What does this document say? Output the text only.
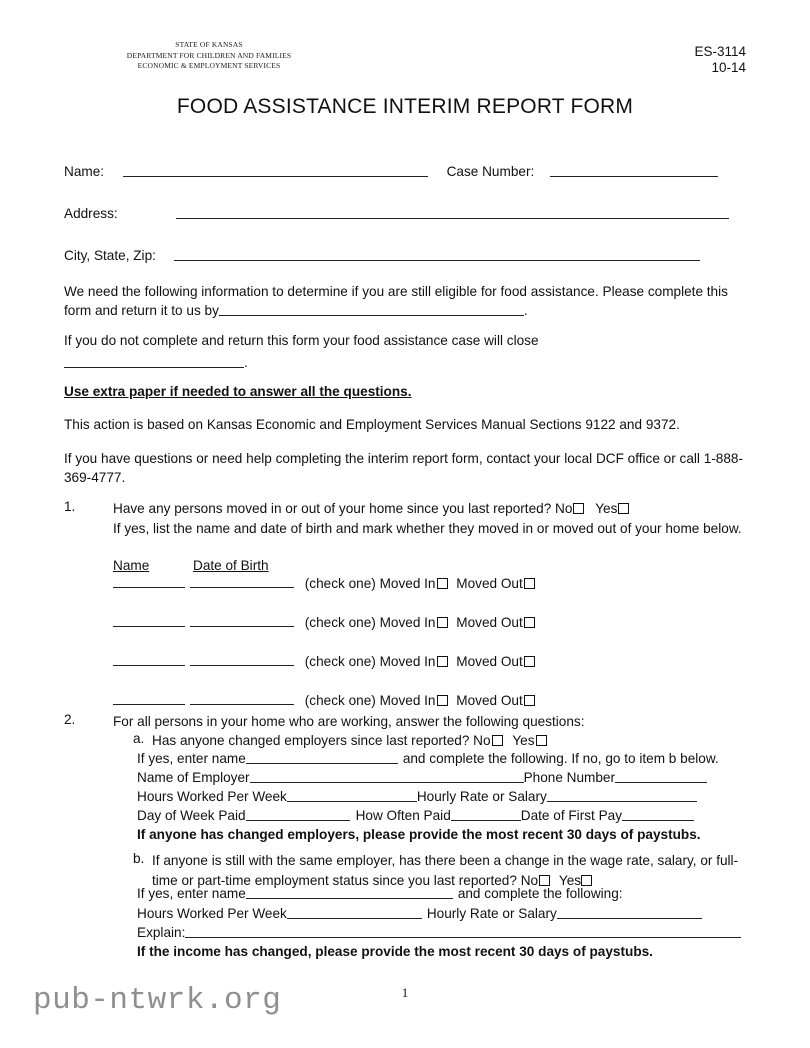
STATE OF KANSAS
DEPARTMENT FOR CHILDREN AND FAMILIES
ECONOMIC & EMPLOYMENT SERVICES
ES-3114
10-14
FOOD ASSISTANCE INTERIM REPORT FORM
Name:	Case Number:
Address:
City, State, Zip:
We need the following information to determine if you are still eligible for food assistance. Please complete this form and return it to us by	.
If you do not complete and return this form your food assistance case will close
.
Use extra paper if needed to answer all the questions.
This action is based on Kansas Economic and Employment Services Manual Sections 9122 and 9372.
If you have questions or need help completing the interim report form, contact your local DCF office or call 1-888-369-4777.
1.	Have any persons moved in or out of your home since you last reported? No Yes
If yes, list the name and date of birth and mark whether they moved in or moved out of your home below.
Name	Date of Birth
(check one) Moved In Moved Out
(check one) Moved In Moved Out
(check one) Moved In Moved Out
(check one) Moved In Moved Out
2.	For all persons in your home who are working, answer the following questions:
a. Has anyone changed employers since last reported? No Yes
If yes, enter name	and complete the following. If no, go to item b below.
Name of Employer	Phone Number
Hours Worked Per Week	Hourly Rate or Salary
Day of Week Paid	How Often Paid	Date of First Pay
If anyone has changed employers, please provide the most recent 30 days of paystubs.
b. If anyone is still with the same employer, has there been a change in the wage rate, salary, or full-time or part-time employment status since you last reported? No Yes
If yes, enter name	and complete the following:
Hours Worked Per Week	Hourly Rate or Salary
Explain:
If the income has changed, please provide the most recent 30 days of paystubs.
pub-ntwrk.org	1
